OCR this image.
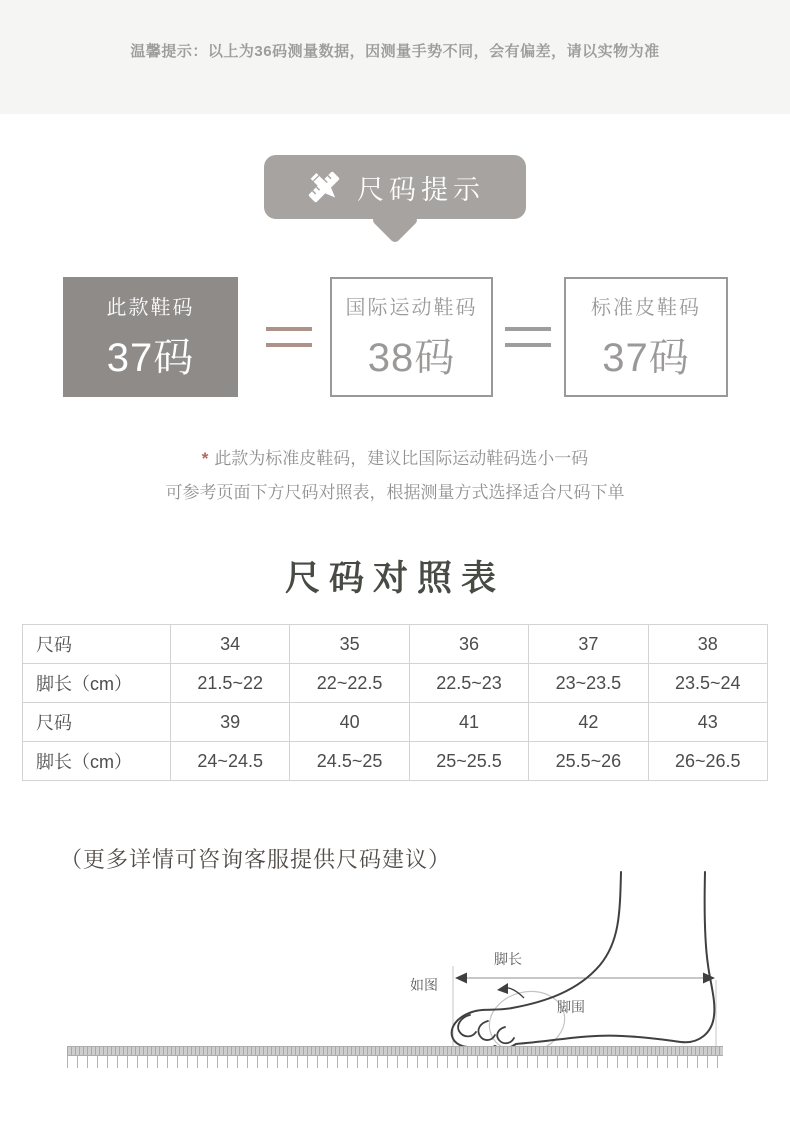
温馨提示：以上为36码测量数据，因测量手势不同，会有偏差，请以实物为准
尺码提示
此款鞋码
37码
国际运动鞋码
38码
标准皮鞋码
37码
* 此款为标准皮鞋码，建议比国际运动鞋码选小一码
可参考页面下方尺码对照表，根据测量方式选择适合尺码下单
尺码对照表
尺码	34	35	36	37	38
脚长（cm）	21.5~22	22~22.5	22.5~23	23~23.5	23.5~24
尺码	39	40	41	42	43
脚长（cm）	24~24.5	24.5~25	25~25.5	25.5~26	26~26.5
（更多详情可咨询客服提供尺码建议）
脚长
如图
脚围
